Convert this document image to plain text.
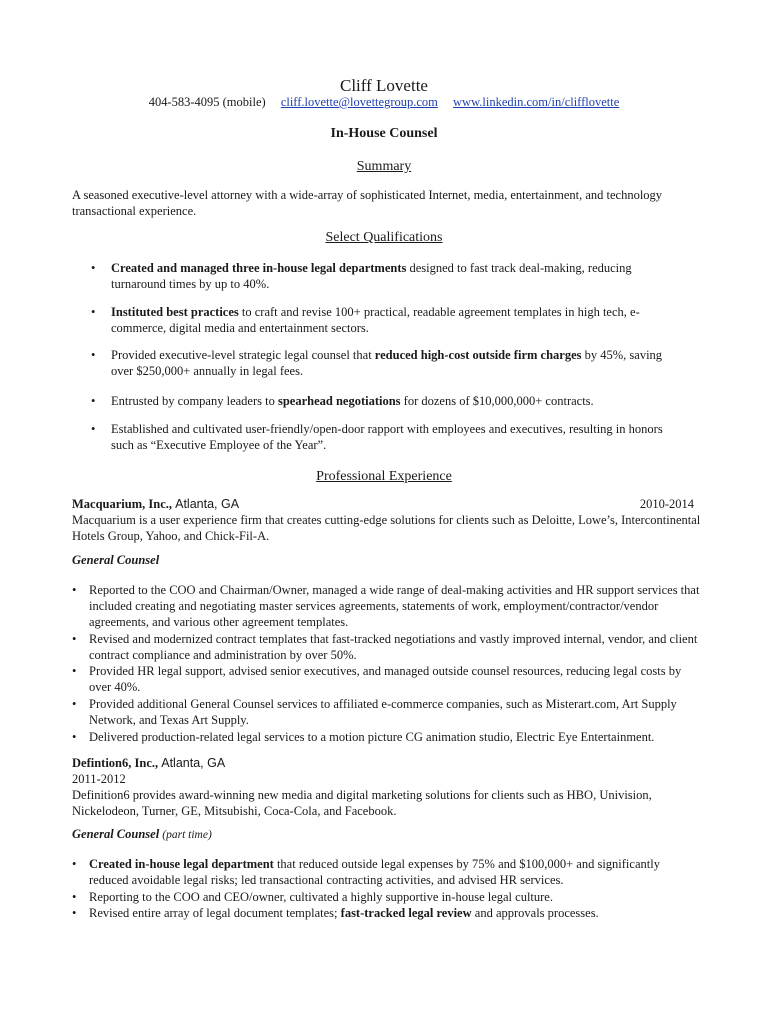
Cliff Lovette
404-583-4095 (mobile) cliff.lovette@lovettegroup.com www.linkedin.com/in/clifflovette
In-House Counsel
Summary

A seasoned executive-level attorney with a wide-array of sophisticated Internet, media, entertainment, and technology transactional experience.

Select Qualifications
• Created and managed three in-house legal departments designed to fast track deal-making, reducing turnaround times by up to 40%.
• Instituted best practices to craft and revise 100+ practical, readable agreement templates in high tech, e-commerce, digital media and entertainment sectors.
• Provided executive-level strategic legal counsel that reduced high-cost outside firm charges by 45%, saving over $250,000+ annually in legal fees.
• Entrusted by company leaders to spearhead negotiations for dozens of $10,000,000+ contracts.
• Established and cultivated user-friendly/open-door rapport with employees and executives, resulting in honors such as “Executive Employee of the Year”.
Professional Experience
Macquarium, Inc., Atlanta, GA	2010-2014

Macquarium is a user experience firm that creates cutting-edge solutions for clients such as Deloitte, Lowe’s, Intercontinental Hotels Group, Yahoo, and Chick-Fil-A.

General Counsel
• Reported to the COO and Chairman/Owner, managed a wide range of deal-making activities and HR support services that included creating and negotiating master services agreements, statements of work, employment/contractor/vendor agreements, and various other agreement templates.
• Revised and modernized contract templates that fast-tracked negotiations and vastly improved internal, vendor, and client contract compliance and administration by over 50%.
• Provided HR legal support, advised senior executives, and managed outside counsel resources, reducing legal costs by over 40%.
• Provided additional General Counsel services to affiliated e-commerce companies, such as Misterart.com, Art Supply Network, and Texas Art Supply.
• Delivered production-related legal services to a motion picture CG animation studio, Electric Eye Entertainment.
Defintion6, Inc., Atlanta, GA
2011-2012

Definition6 provides award-winning new media and digital marketing solutions for clients such as HBO, Univision, Nickelodeon, Turner, GE, Mitsubishi, Coca-Cola, and Facebook.

General Counsel (part time)
• Created in-house legal department that reduced outside legal expenses by 75% and $100,000+ and significantly reduced avoidable legal risks; led transactional contracting activities, and advised HR services.
• Reporting to the COO and CEO/owner, cultivated a highly supportive in-house legal culture.
• Revised entire array of legal document templates; fast-tracked legal review and approvals processes.
